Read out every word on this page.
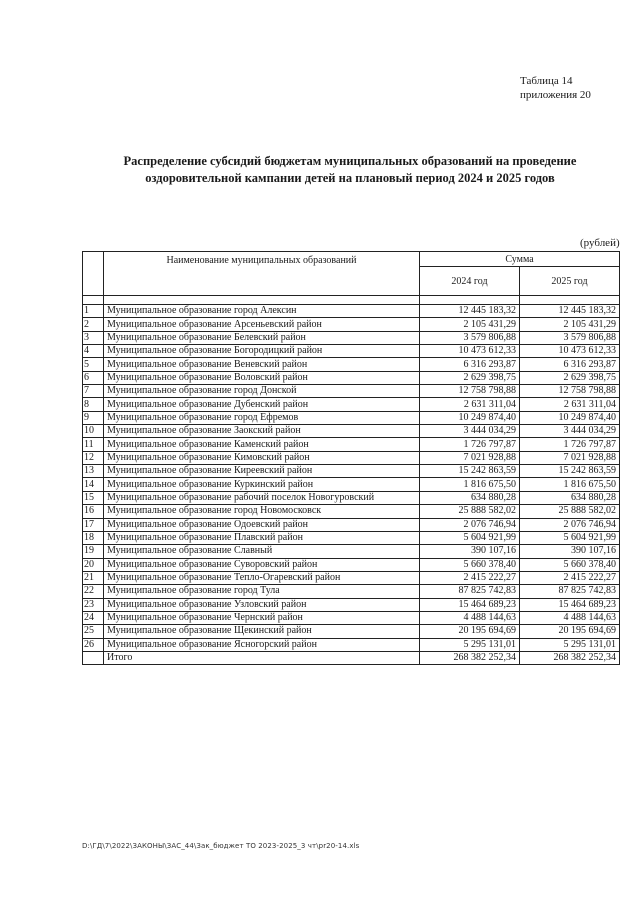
Таблица 14
приложения 20
Распределение субсидий бюджетам муниципальных образований на проведение
оздоровительной кампании детей на плановый период 2024 и 2025 годов
(рублей)
	Наименование муниципальных образований	Сумма	
		2024 год	2025 год

1	Муниципальное образование город Алексин	12 445 183,32	12 445 183,32
2	Муниципальное образование Арсеньевский район	2 105 431,29	2 105 431,29
3	Муниципальное образование Белевский район	3 579 806,88	3 579 806,88
4	Муниципальное образование Богородицкий район	10 473 612,33	10 473 612,33
5	Муниципальное образование Веневский район	6 316 293,87	6 316 293,87
6	Муниципальное образование Воловский район	2 629 398,75	2 629 398,75
7	Муниципальное образование город Донской	12 758 798,88	12 758 798,88
8	Муниципальное образование Дубенский район	2 631 311,04	2 631 311,04
9	Муниципальное образование город Ефремов	10 249 874,40	10 249 874,40
10	Муниципальное образование Заокский район	3 444 034,29	3 444 034,29
11	Муниципальное образование Каменский район	1 726 797,87	1 726 797,87
12	Муниципальное образование Кимовский район	7 021 928,88	7 021 928,88
13	Муниципальное образование Киреевский район	15 242 863,59	15 242 863,59
14	Муниципальное образование Куркинский район	1 816 675,50	1 816 675,50
15	Муниципальное образование рабочий поселок Новогуровский	634 880,28	634 880,28
16	Муниципальное образование город Новомосковск	25 888 582,02	25 888 582,02
17	Муниципальное образование Одоевский район	2 076 746,94	2 076 746,94
18	Муниципальное образование Плавский район	5 604 921,99	5 604 921,99
19	Муниципальное образование Славный	390 107,16	390 107,16
20	Муниципальное образование Суворовский район	5 660 378,40	5 660 378,40
21	Муниципальное образование Тепло-Огаревский район	2 415 222,27	2 415 222,27
22	Муниципальное образование город Тула	87 825 742,83	87 825 742,83
23	Муниципальное образование Узловский район	15 464 689,23	15 464 689,23
24	Муниципальное образование Чернский район	4 488 144,63	4 488 144,63
25	Муниципальное образование Щекинский район	20 195 694,69	20 195 694,69
26	Муниципальное образование Ясногорский район	5 295 131,01	5 295 131,01
	Итого	268 382 252,34	268 382 252,34
D:\ГД\7\2022\ЗАКОНЫ\ЗАС_44\Зак_бюджет ТО 2023-2025_3 чт\pr20-14.xls
